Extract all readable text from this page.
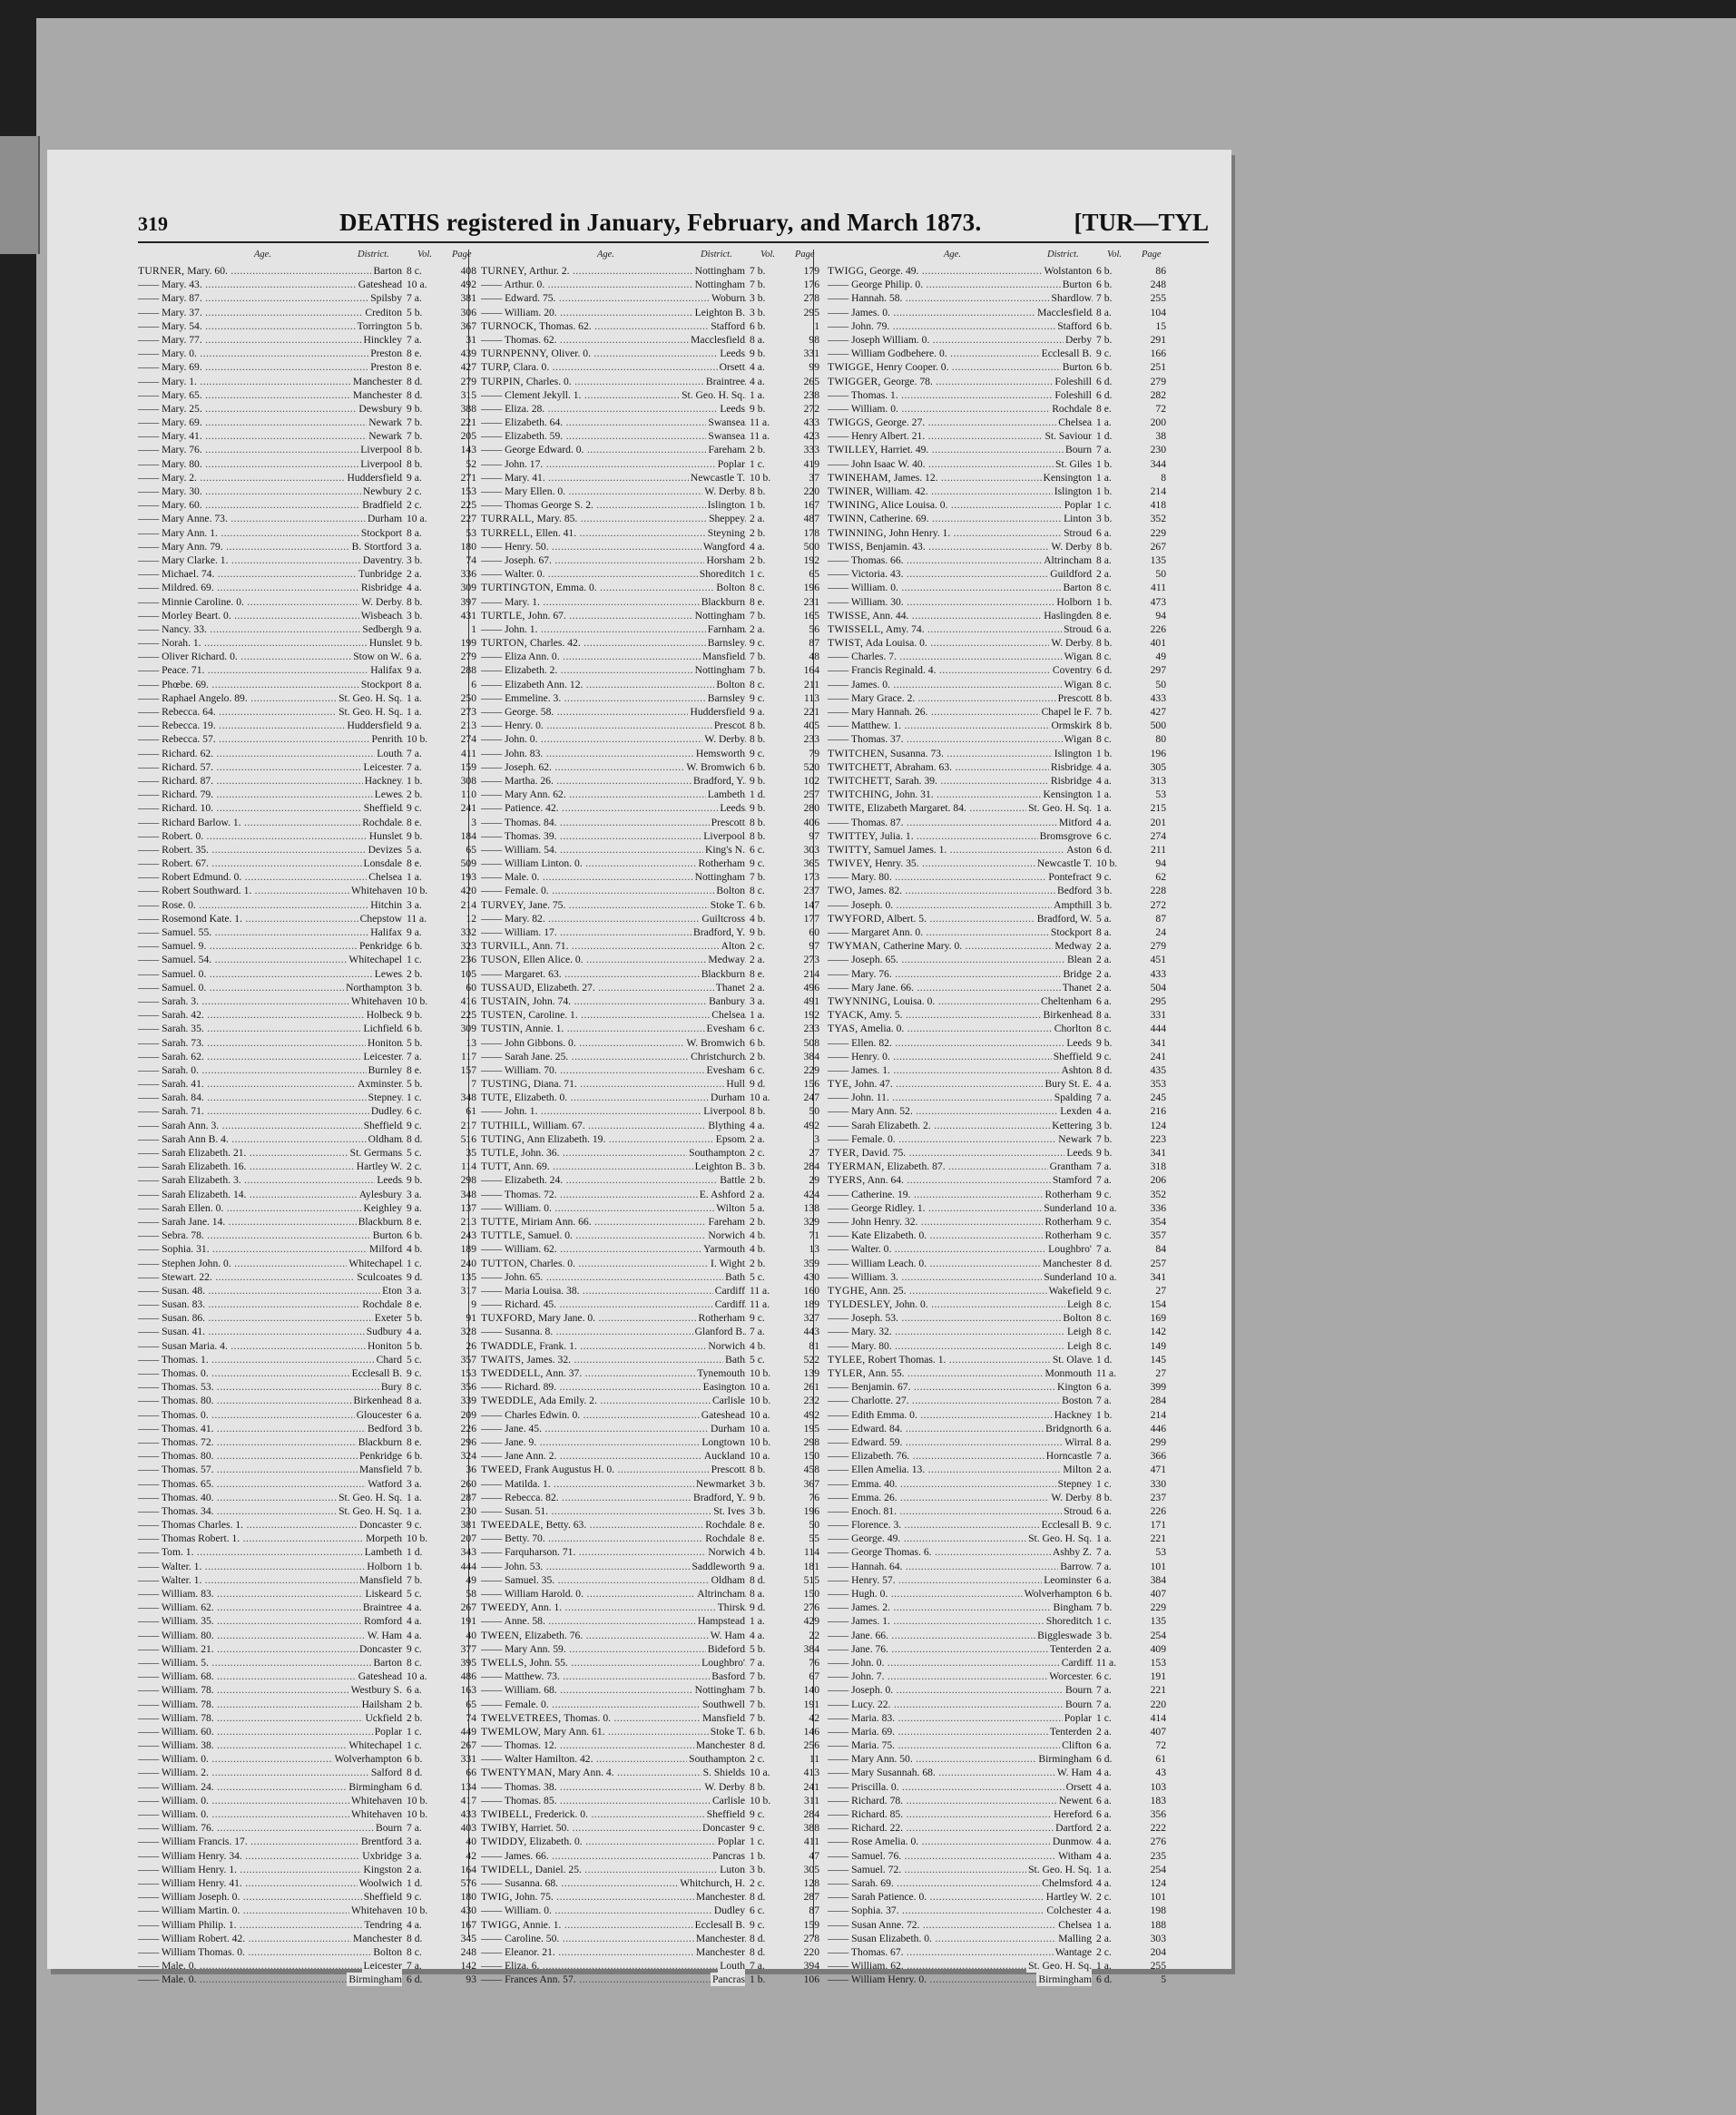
319	DEATHS registered in January, February, and March 1873.	[TUR—TYL
Age.	District.	Vol. Page
TURNER, Mary. 60. .....	Barton 8 c.	408
—— Mary. 43. .....	Gateshead 10 a.	492
—— Mary. 87. .....	Spilsby 7 a.	381
—— Mary. 37. .....	Crediton 5 b.	306
—— Mary. 54. .....	Torrington 5 b.	367
—— Mary. 77. .....	Hinckley 7 a.	31
—— Mary. 0. .....	Preston 8 e.	439
—— Mary. 69. .....	Preston 8 e.	427
—— Mary. 1. .....	Manchester 8 d.	279
—— Mary. 65. .....	Manchester 8 d.	315
—— Mary. 25. .....	Dewsbury 9 b.	388
—— Mary. 69. .....	Newark 7 b.	221
—— Mary. 41. .....	Newark 7 b.	205
—— Mary. 76. .....	Liverpool 8 b.	143
—— Mary. 80. .....	Liverpool 8 b.	52
—— Mary. 2. .....	Huddersfield 9 a.	271
—— Mary. 30. .....	Newbury 2 c.	153
—— Mary. 60. .....	Bradfield 2 c.	225
—— Mary Anne. 73. .....	Durham 10 a.	227
—— Mary Ann. 1. .....	Stockport 8 a.	53
—— Mary Ann. 79. .....	B. Stortford 3 a.	180
—— Mary Clarke. 1. .....	Daventry 3 b.	74
—— Michael. 74. .....	Tunbridge 2 a.	336
—— Mildred. 69. .....	Risbridge 4 a.	309
—— Minnie Caroline. 0. .....	W. Derby 8 b.	397
—— Morley Beart. 0. .....	Wisbeach 3 b.	431
—— Nancy. 33. .....	Sedbergh 9 a.	1
—— Norah. 1. .....	Hunslet 9 b.	199
—— Oliver Richard. 0. .....	Stow on W. 6 a.	279
—— Peace. 71. .....	Halifax 9 a.	288
—— Phœbe. 69. .....	Stockport 8 a.	6
—— Raphael Angelo. 89. .....	St. Geo. H. Sq. 1 a.	250
—— Rebecca. 64. .....	St. Geo. H. Sq. 1 a.	273
—— Rebecca. 19. .....	Huddersfield 9 a.	213
—— Rebecca. 57. .....	Penrith 10 b.	274
—— Richard. 62. .....	Louth 7 a.	411
—— Richard. 57. .....	Leicester 7 a.	159
—— Richard. 87. .....	Hackney 1 b.	308
—— Richard. 79. .....	Lewes 2 b.	110
—— Richard. 10. .....	Sheffield 9 c.	241
—— Richard Barlow. 1. .....	Rochdale 8 e.	3
—— Robert. 0. .....	Hunslet 9 b.	184
—— Robert. 35. .....	Devizes 5 a.	65
—— Robert. 67. .....	Lonsdale 8 e.	509
—— Robert Edmund. 0. .....	Chelsea 1 a.	193
—— Robert Southward. 1. .....	Whitehaven 10 b.	420
—— Rose. 0. .....	Hitchin 3 a.	214
—— Rosemond Kate. 1. .....	Chepstow 11 a.	12
—— Samuel. 55. .....	Halifax 9 a.	332
—— Samuel. 9. .....	Penkridge 6 b.	323
—— Samuel. 54. .....	Whitechapel 1 c.	236
—— Samuel. 0. .....	Lewes 2 b.	105
—— Samuel. 0. .....	Northampton 3 b.	60
—— Sarah. 3. .....	Whitehaven 10 b.	416
—— Sarah. 42. .....	Holbeck 9 b.	225
—— Sarah. 35. .....	Lichfield 6 b.	309
—— Sarah. 73. .....	Honiton 5 b.	13
—— Sarah. 62. .....	Leicester 7 a.	117
—— Sarah. 0. .....	Burnley 8 e.	157
—— Sarah. 41. .....	Axminster 5 b.	7
—— Sarah. 84. .....	Stepney 1 c.	348
—— Sarah. 71. .....	Dudley 6 c.	61
—— Sarah Ann. 3. .....	Sheffield 9 c.	217
—— Sarah Ann B. 4. .....	Oldham 8 d.	516
—— Sarah Elizabeth. 21. .....	St. Germans 5 c.	35
—— Sarah Elizabeth. 16. .....	Hartley W. 2 c.	114
—— Sarah Elizabeth. 3. .....	Leeds 9 b.	298
—— Sarah Elizabeth. 14. .....	Aylesbury 3 a.	348
—— Sarah Ellen. 0. .....	Keighley 9 a.	137
—— Sarah Jane. 14. .....	Blackburn 8 e.	213
—— Sebra. 78. .....	Burton 6 b.	243
—— Sophia. 31. .....	Milford 4 b.	189
—— Stephen John. 0. .....	Whitechapel 1 c.	240
—— Stewart. 22. .....	Sculcoates 9 d.	135
—— Susan. 48. .....	Eton 3 a.	317
—— Susan. 83. .....	Rochdale 8 e.	9
—— Susan. 86. .....	Exeter 5 b.	91
—— Susan. 41. .....	Sudbury 4 a.	328
—— Susan Maria. 4. .....	Honiton 5 b.	26
—— Thomas. 1. .....	Chard 5 c.	357
—— Thomas. 0. .....	Ecclesall B. 9 c.	153
—— Thomas. 53. .....	Bury 8 c.	356
—— Thomas. 80. .....	Birkenhead 8 a.	339
—— Thomas. 0. .....	Gloucester 6 a.	209
—— Thomas. 41. .....	Bedford 3 b.	226
—— Thomas. 72. .....	Blackburn 8 e.	296
—— Thomas. 80. .....	Penkridge 6 b.	324
—— Thomas. 57. .....	Mansfield 7 b.	36
—— Thomas. 65. .....	Watford 3 a.	260
—— Thomas. 40. .....	St. Geo. H. Sq. 1 a.	287
—— Thomas. 34. .....	St. Geo. H. Sq. 1 a.	230
—— Thomas Charles. 1. .....	Doncaster 9 c.	381
—— Thomas Robert. 1. .....	Morpeth 10 b.	207
—— Tom. 1. .....	Lambeth 1 d.	343
—— Walter. 1. .....	Holborn 1 b.	444
—— Walter. 1. .....	Mansfield 7 b.	49
—— William. 83. .....	Liskeard 5 c.	58
—— William. 62. .....	Braintree 4 a.	267
—— William. 35. .....	Romford 4 a.	191
—— William. 80. .....	W. Ham 4 a.	40
—— William. 21. .....	Doncaster 9 c.	377
—— William. 5. .....	Barton 8 c.	395
—— William. 68. .....	Gateshead 10 a.	486
—— William. 78. .....	Westbury S. 6 a.	163
—— William. 78. .....	Hailsham 2 b.	65
—— William. 78. .....	Uckfield 2 b.	74
—— William. 60. .....	Poplar 1 c.	449
—— William. 38. .....	Whitechapel 1 c.	267
—— William. 0. .....	Wolverhampton 6 b.	331
—— William. 2. .....	Salford 8 d.	66
—— William. 24. .....	Birmingham 6 d.	134
—— William. 0. .....	Whitehaven 10 b.	417
—— William. 0. .....	Whitehaven 10 b.	433
—— William. 76. .....	Bourn 7 a.	403
—— William Francis. 17. .....	Brentford 3 a.	40
—— William Henry. 34. .....	Uxbridge 3 a.	42
—— William Henry. 1. .....	Kingston 2 a.	164
—— William Henry. 41. .....	Woolwich 1 d.	576
—— William Joseph. 0. .....	Sheffield 9 c.	180
—— William Martin. 0. .....	Whitehaven 10 b.	430
—— William Philip. 1. .....	Tendring 4 a.	167
—— William Robert. 42. .....	Manchester 8 d.	345
—— William Thomas. 0. .....	Bolton 8 c.	248
—— Male. 0. .....	Leicester 7 a.	142
—— Male. 0. .....	Birmingham 6 d.	93
Age.	District.	Vol. Page
TURNEY, Arthur. 2. .....	Nottingham 7 b.	179
—— Arthur. 0. .....	Nottingham 7 b.	176
—— Edward. 75. .....	Woburn 3 b.	278
—— William. 20. .....	Leighton B. 3 b.	295
TURNOCK, Thomas. 62. .....	Stafford 6 b.	1
—— Thomas. 62. .....	Macclesfield 8 a.	98
TURNPENNY, Oliver. 0. .....	Leeds 9 b.	331
TURP, Clara. 0. .....	Orsett 4 a.	99
TURPIN, Charles. 0. .....	Braintree 4 a.	265
—— Clement Jekyll. 1. .....	St. Geo. H. Sq. 1 a.	238
—— Eliza. 28. .....	Leeds 9 b.	272
—— Elizabeth. 64. .....	Swansea 11 a.	433
—— Elizabeth. 59. .....	Swansea 11 a.	423
—— George Edward. 0. .....	Fareham 2 b.	333
—— John. 17. .....	Poplar 1 c.	419
—— Mary. 41. .....	Newcastle T. 10 b.	37
—— Mary Ellen. 0. .....	W. Derby 8 b.	220
—— Thomas George S. 2. .....	Islington 1 b.	167
TURRALL, Mary. 85. .....	Sheppey 2 a.	487
TURRELL, Ellen. 41. .....	Steyning 2 b.	178
—— Henry. 50. .....	Wangford 4 a.	500
—— Joseph. 67. .....	Horsham 2 b.	192
—— Walter. 0. .....	Shoreditch 1 c.	65
TURTINGTON, Emma. 0. .....	Bolton 8 c.	196
—— Mary. 1. .....	Blackburn 8 e.	231
TURTLE, John. 67. .....	Nottingham 7 b.	165
—— John. 1. .....	Farnham 2 a.	56
TURTON, Charles. 42. .....	Barnsley 9 c.	87
—— Eliza Ann. 0. .....	Mansfield 7 b.	48
—— Elizabeth. 2. .....	Nottingham 7 b.	164
—— Elizabeth Ann. 12. .....	Bolton 8 c.	211
—— Emmeline. 3. .....	Barnsley 9 c.	113
—— George. 58. .....	Huddersfield 9 a.	221
—— Henry. 0. .....	Prescot 8 b.	405
—— John. 0. .....	W. Derby 8 b.	233
—— John. 83. .....	Hemsworth 9 c.	79
—— Joseph. 62. .....	W. Bromwich 6 b.	520
—— Martha. 26. .....	Bradford, Y. 9 b.	102
—— Mary Ann. 62. .....	Lambeth 1 d.	257
—— Patience. 42. .....	Leeds 9 b.	280
—— Thomas. 84. .....	Prescott 8 b.	406
—— Thomas. 39. .....	Liverpool 8 b.	97
—— William. 54. .....	King's N. 6 c.	303
—— William Linton. 0. .....	Rotherham 9 c.	365
—— Male. 0. .....	Nottingham 7 b.	173
—— Female. 0. .....	Bolton 8 c.	237
TURVEY, Jane. 75. .....	Stoke T. 6 b.	147
—— Mary. 82. .....	Guiltcross 4 b.	177
—— William. 17. .....	Bradford, Y. 9 b.	60
TURVILL, Ann. 71. .....	Alton 2 c.	97
TUSON, Ellen Alice. 0. .....	Medway 2 a.	273
—— Margaret. 63. .....	Blackburn 8 e.	214
TUSSAUD, Elizabeth. 27. .....	Thanet 2 a.	496
TUSTAIN, John. 74. .....	Banbury 3 a.	491
TUSTEN, Caroline. 1. .....	Chelsea 1 a.	192
TUSTIN, Annie. 1. .....	Evesham 6 c.	233
—— John Gibbons. 0. .....	W. Bromwich 6 b.	508
—— Sarah Jane. 25. .....	Christchurch 2 b.	384
—— William. 70. .....	Evesham 6 c.	229
TUSTING, Diana. 71. .....	Hull 9 d.	156
TUTE, Elizabeth. 0. .....	Durham 10 a.	247
—— John. 1. .....	Liverpool 8 b.	50
TUTHILL, William. 67. .....	Blything 4 a.	492
TUTING, Ann Elizabeth. 19. .....	Epsom 2 a.	3
TUTLE, John. 36. .....	Southampton 2 c.	27
TUTT, Ann. 69. .....	Leighton B. 3 b.	284
—— Elizabeth. 24. .....	Battle 2 b.	29
—— Thomas. 72. .....	E. Ashford 2 a.	424
—— William. 0. .....	Wilton 5 a.	138
TUTTE, Miriam Ann. 66. .....	Fareham 2 b.	329
TUTTLE, Samuel. 0. .....	Norwich 4 b.	71
—— William. 62. .....	Yarmouth 4 b.	13
TUTTON, Charles. 0. .....	I. Wight 2 b.	359
—— John. 65. .....	Bath 5 c.	430
—— Maria Louisa. 38. .....	Cardiff 11 a.	160
—— Richard. 45. .....	Cardiff 11 a.	189
TUXFORD, Mary Jane. 0. .....	Rotherham 9 c.	327
—— Susanna. 8. .....	Glanford B. 7 a.	443
TWADDLE, Frank. 1. .....	Norwich 4 b.	81
TWAITS, James. 32. .....	Bath 5 c.	522
TWEDDELL, Ann. 37. .....	Tynemouth 10 b.	139
—— Richard. 89. .....	Easington 10 a.	261
TWEDDLE, Ada Emily. 2. .....	Carlisle 10 b.	232
—— Charles Edwin. 0. .....	Gateshead 10 a.	492
—— Jane. 45. .....	Durham 10 a.	195
—— Jane. 9. .....	Longtown 10 b.	298
—— Jane Ann. 2. .....	Auckland 10 a.	150
TWEED, Frank Augustus H. 0. .....	Prescott 8 b.	458
—— Matilda. 1. .....	Newmarket 3 b.	367
—— Rebecca. 82. .....	Bradford, Y. 9 b.	76
—— Susan. 51. .....	St. Ives 3 b.	196
TWEEDALE, Betty. 63. .....	Rochdale 8 e.	50
—— Betty. 70. .....	Rochdale 8 e.	55
—— Farquharson. 71. .....	Norwich 4 b.	114
—— John. 53. .....	Saddleworth 9 a.	181
—— Samuel. 35. .....	Oldham 8 d.	515
—— William Harold. 0. .....	Altrincham 8 a.	150
TWEEDY, Ann. 1. .....	Thirsk 9 d.	276
—— Anne. 58. .....	Hampstead 1 a.	429
TWEEN, Elizabeth. 76. .....	W. Ham 4 a.	22
—— Mary Ann. 59. .....	Bideford 5 b.	384
TWELLS, John. 55. .....	Loughbro' 7 a.	76
—— Matthew. 73. .....	Basford 7 b.	67
—— William. 68. .....	Nottingham 7 b.	140
—— Female. 0. .....	Southwell 7 b.	191
TWELVETREES, Thomas. 0. .....	Mansfield 7 b.	42
TWEMLOW, Mary Ann. 61. .....	Stoke T. 6 b.	146
—— Thomas. 12. .....	Manchester 8 d.	256
—— Walter Hamilton. 42. .....	Southampton 2 c.	11
TWENTYMAN, Mary Ann. 4. .....	S. Shields 10 a.	413
—— Thomas. 38. .....	W. Derby 8 b.	241
—— Thomas. 85. .....	Carlisle 10 b.	311
TWIBELL, Frederick. 0. .....	Sheffield 9 c.	284
TWIBY, Harriet. 50. .....	Doncaster 9 c.	388
TWIDDY, Elizabeth. 0. .....	Poplar 1 c.	411
—— James. 66. .....	Pancras 1 b.	47
TWIDELL, Daniel. 25. .....	Luton 3 b.	305
—— Susanna. 68. .....	Whitchurch, H. 2 c.	128
TWIG, John. 75. .....	Manchester 8 d.	287
—— William. 0. .....	Dudley 6 c.	87
TWIGG, Annie. 1. .....	Ecclesall B. 9 c.	159
—— Caroline. 50. .....	Manchester 8 d.	278
—— Eleanor. 21. .....	Manchester 8 d.	220
—— Eliza. 6. .....	Louth 7 a.	394
—— Frances Ann. 57. .....	Pancras 1 b.	106
Age.	District.	Vol. Page
TWIGG, George. 49. .....	Wolstanton 6 b.	86
—— George Philip. 0. .....	Burton 6 b.	248
—— Hannah. 58. .....	Shardlow 7 b.	255
—— James. 0. .....	Macclesfield 8 a.	104
—— John. 79. .....	Stafford 6 b.	15
—— Joseph William. 0. .....	Derby 7 b.	291
—— William Godbehere. 0. .....	Ecclesall B. 9 c.	166
TWIGGE, Henry Cooper. 0. .....	Burton 6 b.	251
TWIGGER, George. 78. .....	Foleshill 6 d.	279
—— Thomas. 1. .....	Foleshill 6 d.	282
—— William. 0. .....	Rochdale 8 e.	72
TWIGGS, George. 27. .....	Chelsea 1 a.	200
—— Henry Albert. 21. .....	St. Saviour 1 d.	38
TWILLEY, Harriet. 49. .....	Bourn 7 a.	230
—— John Isaac W. 40. .....	St. Giles 1 b.	344
TWINEHAM, James. 12. .....	Kensington 1 a.	8
TWINER, William. 42. .....	Islington 1 b.	214
TWINING, Alice Louisa. 0. .....	Poplar 1 c.	418
TWINN, Catherine. 69. .....	Linton 3 b.	352
TWINNING, John Henry. 1. .....	Stroud 6 a.	229
TWISS, Benjamin. 43. .....	W. Derby 8 b.	267
—— Thomas. 66. .....	Altrincham 8 a.	135
—— Victoria. 43. .....	Guildford 2 a.	50
—— William. 0. .....	Barton 8 c.	411
—— William. 30. .....	Holborn 1 b.	473
TWISSE, Ann. 44. .....	Haslingden 8 e.	94
TWISSELL, Amy. 74. .....	Stroud 6 a.	226
TWIST, Ada Louisa. 0. .....	W. Derby 8 b.	401
—— Charles. 7. .....	Wigan 8 c.	49
—— Francis Reginald. 4. .....	Coventry 6 d.	297
—— James. 0. .....	Wigan 8 c.	50
—— Mary Grace. 2. .....	Prescott 8 b.	433
—— Mary Hannah. 26. .....	Chapel le F. 7 b.	427
—— Matthew. 1. .....	Ormskirk 8 b.	500
—— Thomas. 37. .....	Wigan 8 c.	80
TWITCHEN, Susanna. 73. .....	Islington 1 b.	196
TWITCHETT, Abraham. 63. .....	Risbridge 4 a.	305
TWITCHETT, Sarah. 39. .....	Risbridge 4 a.	313
TWITCHING, John. 31. .....	Kensington 1 a.	53
TWITE, Elizabeth Margaret. 84. .....	St. Geo. H. Sq. 1 a.	215
—— Thomas. 87. .....	Mitford 4 a.	201
TWITTEY, Julia. 1. .....	Bromsgrove 6 c.	274
TWITTY, Samuel James. 1. .....	Aston 6 d.	211
TWIVEY, Henry. 35. .....	Newcastle T. 10 b.	94
—— Mary. 80. .....	Pontefract 9 c.	62
TWO, James. 82. .....	Bedford 3 b.	228
—— Joseph. 0. .....	Ampthill 3 b.	272
TWYFORD, Albert. 5. .....	Bradford, W. 5 a.	87
—— Margaret Ann. 0. .....	Stockport 8 a.	24
TWYMAN, Catherine Mary. 0. .....	Medway 2 a.	279
—— Joseph. 65. .....	Blean 2 a.	451
—— Mary. 76. .....	Bridge 2 a.	433
—— Mary Jane. 66. .....	Thanet 2 a.	504
TWYNNING, Louisa. 0. .....	Cheltenham 6 a.	295
TYACK, Amy. 5. .....	Birkenhead 8 a.	331
TYAS, Amelia. 0. .....	Chorlton 8 c.	444
—— Ellen. 82. .....	Leeds 9 b.	341
—— Henry. 0. .....	Sheffield 9 c.	241
—— James. 1. .....	Ashton 8 d.	435
TYE, John. 47. .....	Bury St. E. 4 a.	353
—— John. 11. .....	Spalding 7 a.	245
—— Mary Ann. 52. .....	Lexden 4 a.	216
—— Sarah Elizabeth. 2. .....	Kettering 3 b.	124
—— Female. 0. .....	Newark 7 b.	223
TYER, David. 75. .....	Leeds 9 b.	341
TYERMAN, Elizabeth. 87. .....	Grantham 7 a.	318
TYERS, Ann. 64. .....	Stamford 7 a.	206
—— Catherine. 19. .....	Rotherham 9 c.	352
—— George Ridley. 1. .....	Sunderland 10 a.	336
—— John Henry. 32. .....	Rotherham 9 c.	354
—— Kate Elizabeth. 0. .....	Rotherham 9 c.	357
—— Walter. 0. .....	Loughbro' 7 a.	84
—— William Leach. 0. .....	Manchester 8 d.	257
—— William. 3. .....	Sunderland 10 a.	341
TYGHE, Ann. 25. .....	Wakefield 9 c.	27
TYLDESLEY, John. 0. .....	Leigh 8 c.	154
—— Joseph. 53. .....	Bolton 8 c.	169
—— Mary. 32. .....	Leigh 8 c.	142
—— Mary. 80. .....	Leigh 8 c.	149
TYLEE, Robert Thomas. 1. .....	St. Olave 1 d.	145
TYLER, Ann. 55. .....	Monmouth 11 a.	27
—— Benjamin. 67. .....	Kington 6 a.	399
—— Charlotte. 27. .....	Boston 7 a.	284
—— Edith Emma. 0. .....	Hackney 1 b.	214
—— Edward. 84. .....	Bridgnorth 6 a.	446
—— Edward. 59. .....	Wirral 8 a.	299
—— Elizabeth. 76. .....	Horncastle 7 a.	366
—— Ellen Amelia. 13. .....	Milton 2 a.	471
—— Emma. 40. .....	Stepney 1 c.	330
—— Emma. 26. .....	W. Derby 8 b.	237
—— Enoch. 81. .....	Stroud 6 a.	226
—— Florence. 3. .....	Ecclesall B. 9 c.	171
—— George. 49. .....	St. Geo. H. Sq. 1 a.	221
—— George Thomas. 6. .....	Ashby Z. 7 a.	53
—— Hannah. 64. .....	Barrow 7 a.	101
—— Henry. 57. .....	Leominster 6 a.	384
—— Hugh. 0. .....	Wolverhampton 6 b.	407
—— James. 2. .....	Bingham 7 b.	229
—— James. 1. .....	Shoreditch 1 c.	135
—— Jane. 66. .....	Biggleswade 3 b.	254
—— Jane. 76. .....	Tenterden 2 a.	409
—— John. 0. .....	Cardiff 11 a.	153
—— John. 7. .....	Worcester 6 c.	191
—— Joseph. 0. .....	Bourn 7 a.	221
—— Lucy. 22. .....	Bourn 7 a.	220
—— Maria. 83. .....	Poplar 1 c.	414
—— Maria. 69. .....	Tenterden 2 a.	407
—— Maria. 75. .....	Clifton 6 a.	72
—— Mary Ann. 50. .....	Birmingham 6 d.	61
—— Mary Susannah. 68. .....	W. Ham 4 a.	43
—— Priscilla. 0. .....	Orsett 4 a.	103
—— Richard. 78. .....	Newent 6 a.	183
—— Richard. 85. .....	Hereford 6 a.	356
—— Richard. 22. .....	Dartford 2 a.	222
—— Rose Amelia. 0. .....	Dunmow 4 a.	276
—— Samuel. 76. .....	Witham 4 a.	235
—— Samuel. 72. .....	St. Geo. H. Sq. 1 a.	254
—— Sarah. 69. .....	Chelmsford 4 a.	124
—— Sarah Patience. 0. .....	Hartley W. 2 c.	101
—— Sophia. 37. .....	Colchester 4 a.	198
—— Susan Anne. 72. .....	Chelsea 1 a.	188
—— Susan Elizabeth. 0. .....	Malling 2 a.	303
—— Thomas. 67. .....	Wantage 2 c.	204
—— William. 62. .....	St. Geo. H. Sq. 1 a.	255
—— William Henry. 0. .....	Birmingham 6 d.	5
